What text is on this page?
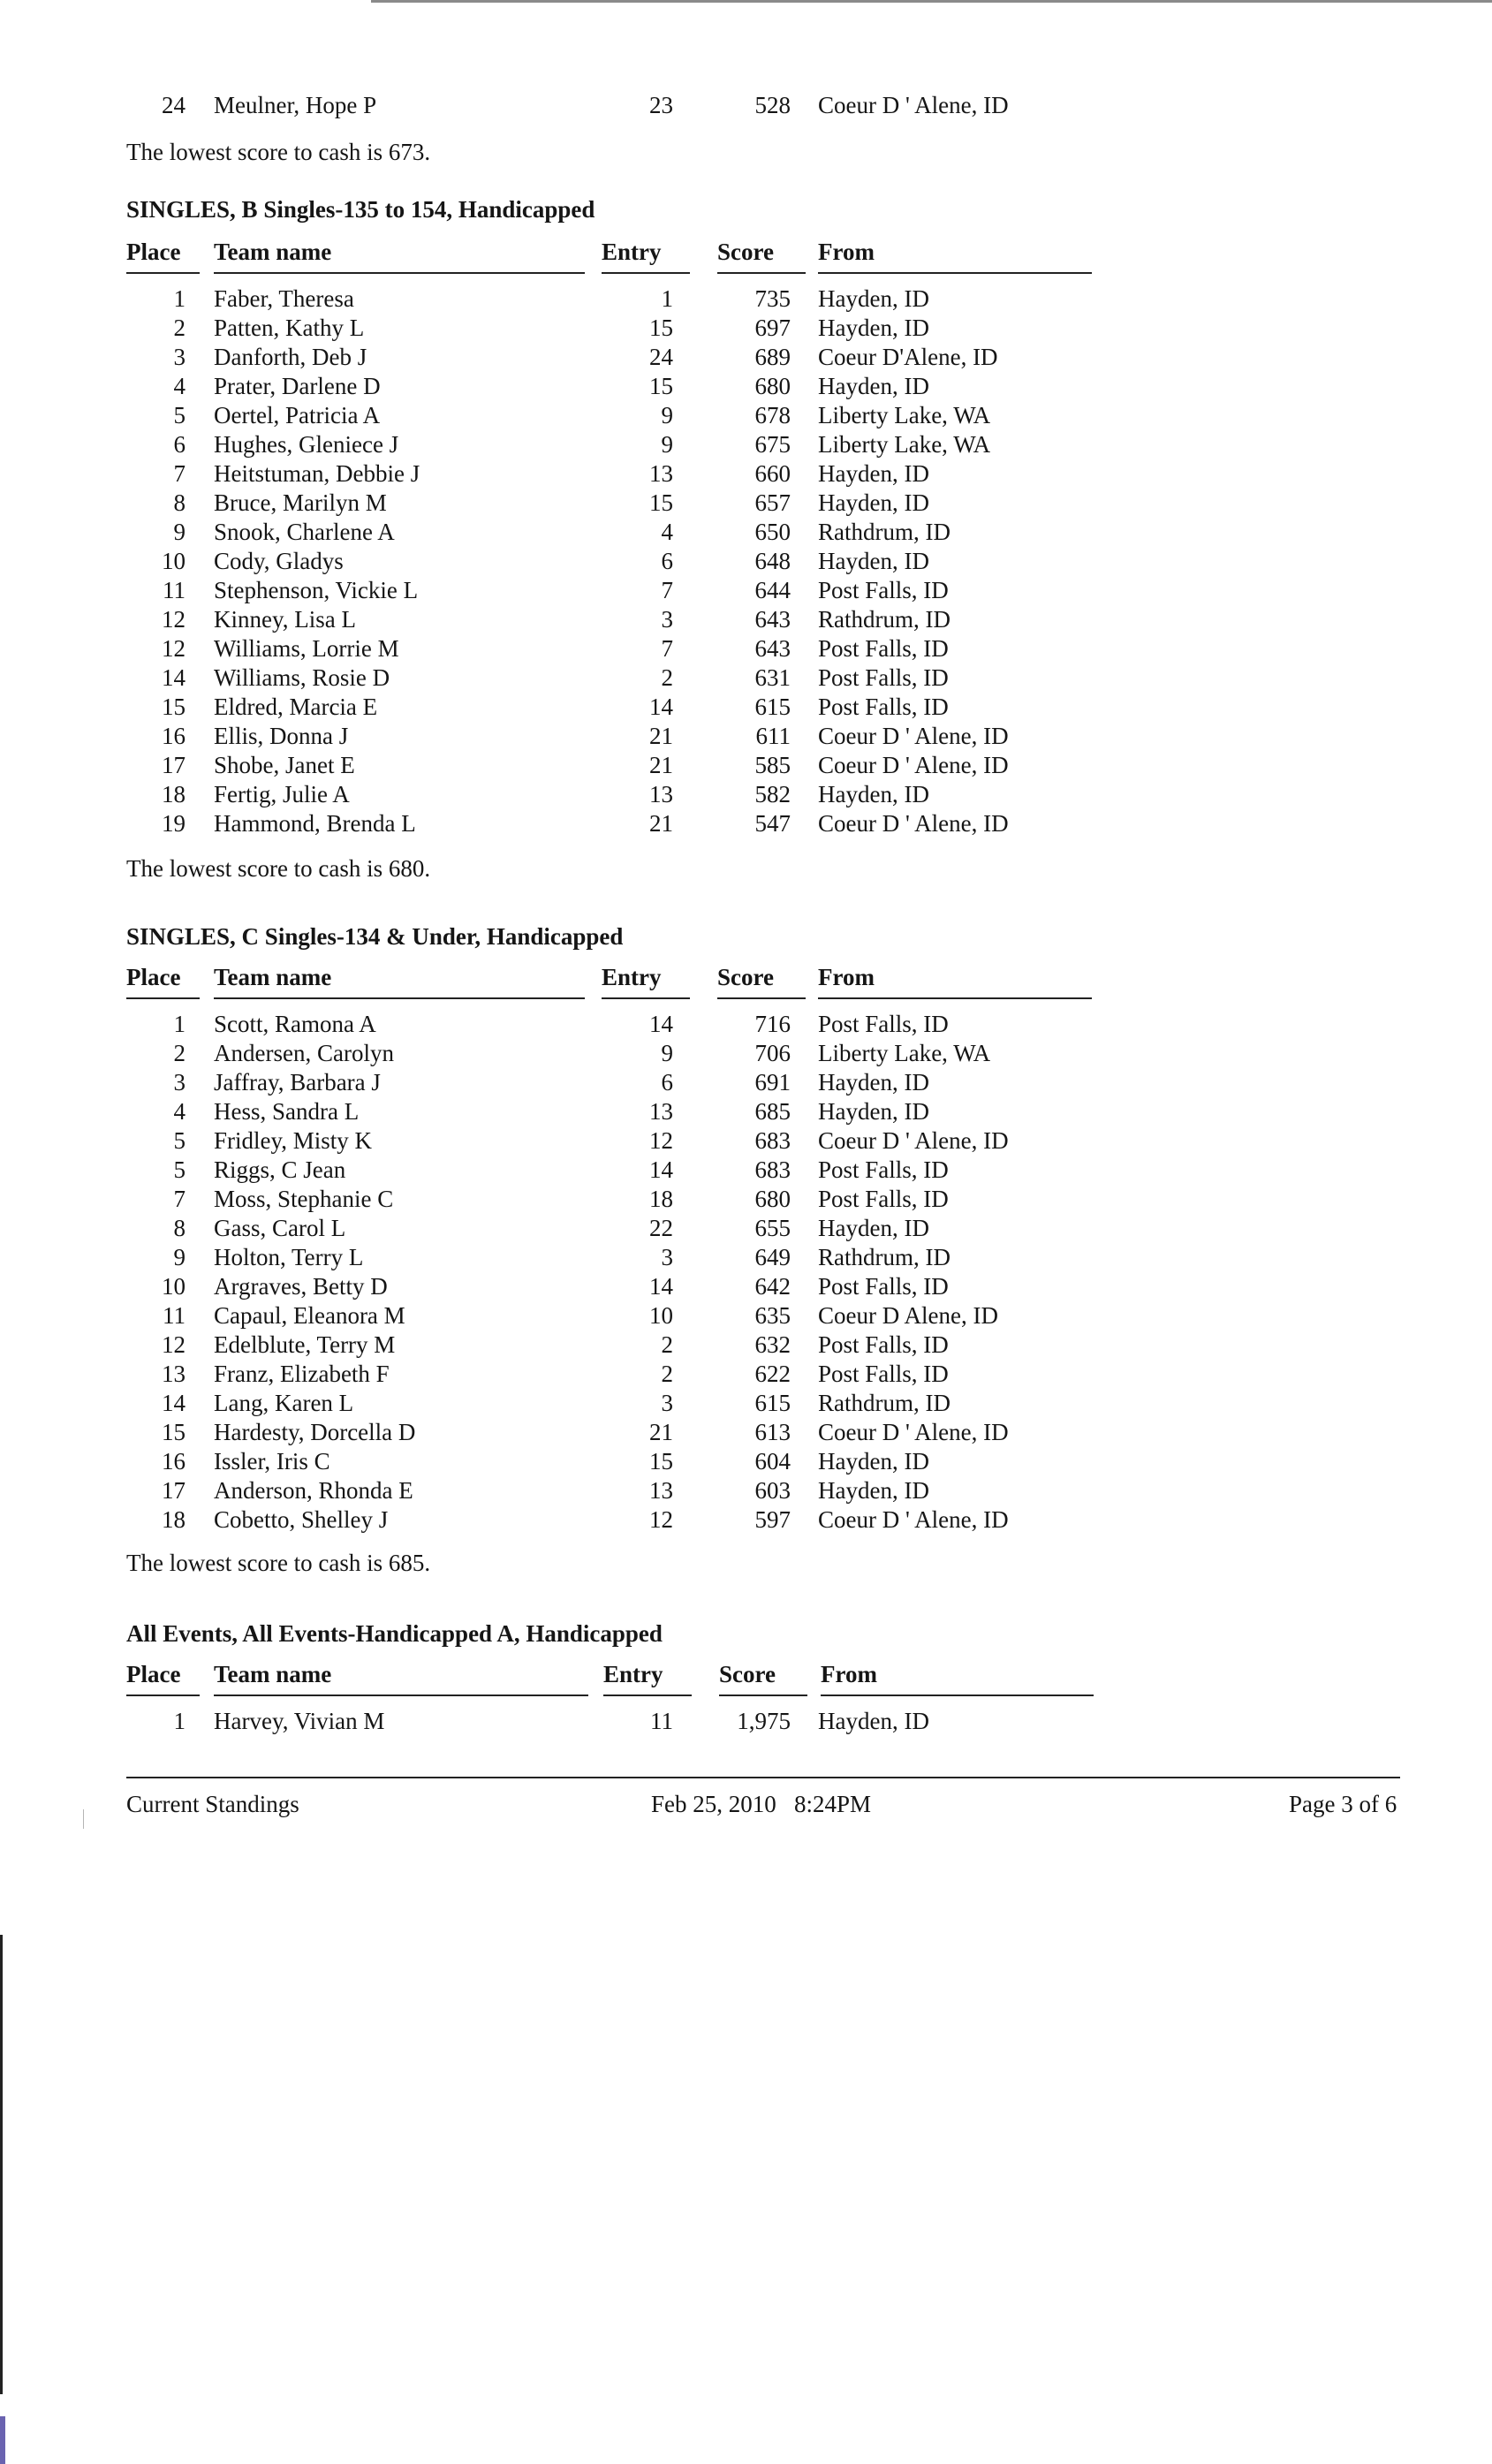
24 Meulner, Hope P	23	528 Coeur D ' Alene, ID
The lowest score to cash is 673.
SINGLES, B Singles-135 to 154, Handicapped
Place Team name	Entry Score From
1 Faber, Theresa	1	735 Hayden, ID
2 Patten, Kathy L	15	697 Hayden, ID
3 Danforth, Deb J	24	689 Coeur D'Alene, ID
4 Prater, Darlene D	15	680 Hayden, ID
5 Oertel, Patricia A	9	678 Liberty Lake, WA
6 Hughes, Gleniece J	9	675 Liberty Lake, WA
7 Heitstuman, Debbie J	13	660 Hayden, ID
8 Bruce, Marilyn M	15	657 Hayden, ID
9 Snook, Charlene A	4	650 Rathdrum, ID
10 Cody, Gladys	6	648 Hayden, ID
11 Stephenson, Vickie L	7	644 Post Falls, ID
12 Kinney, Lisa L	3	643 Rathdrum, ID
12 Williams, Lorrie M	7	643 Post Falls, ID
14 Williams, Rosie D	2	631 Post Falls, ID
15 Eldred, Marcia E	14	615 Post Falls, ID
16 Ellis, Donna J	21	611 Coeur D ' Alene, ID
17 Shobe, Janet E	21	585 Coeur D ' Alene, ID
18 Fertig, Julie A	13	582 Hayden, ID
19 Hammond, Brenda L	21	547 Coeur D ' Alene, ID
The lowest score to cash is 680.
SINGLES, C Singles-134 & Under, Handicapped
Place Team name	Entry Score From
1 Scott, Ramona A	14	716 Post Falls, ID
2 Andersen, Carolyn	9	706 Liberty Lake, WA
3 Jaffray, Barbara J	6	691 Hayden, ID
4 Hess, Sandra L	13	685 Hayden, ID
5 Fridley, Misty K	12	683 Coeur D ' Alene, ID
5 Riggs, C Jean	14	683 Post Falls, ID
7 Moss, Stephanie C	18	680 Post Falls, ID
8 Gass, Carol L	22	655 Hayden, ID
9 Holton, Terry L	3	649 Rathdrum, ID
10 Argraves, Betty D	14	642 Post Falls, ID
11 Capaul, Eleanora M	10	635 Coeur D Alene, ID
12 Edelblute, Terry M	2	632 Post Falls, ID
13 Franz, Elizabeth F	2	622 Post Falls, ID
14 Lang, Karen L	3	615 Rathdrum, ID
15 Hardesty, Dorcella D	21	613 Coeur D ' Alene, ID
16 Issler, Iris C	15	604 Hayden, ID
17 Anderson, Rhonda E	13	603 Hayden, ID
18 Cobetto, Shelley J	12	597 Coeur D ' Alene, ID
The lowest score to cash is 685.
All Events, All Events-Handicapped A, Handicapped
Place Team name	Entry Score From
1 Harvey, Vivian M	11	1,975 Hayden, ID
Current Standings	Feb 25, 2010   8:24PM	Page 3 of 6
